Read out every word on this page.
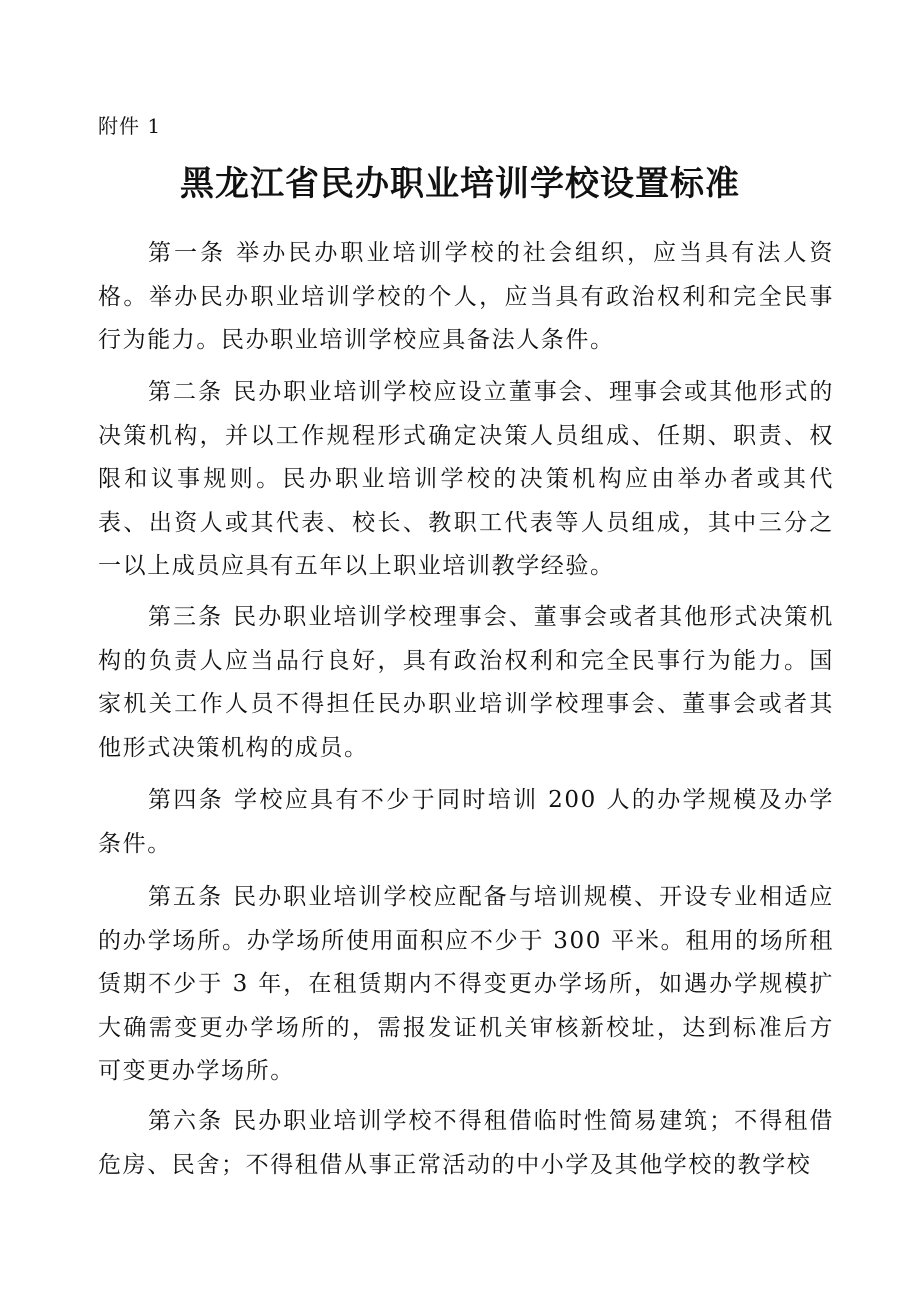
附件 1
黑龙江省民办职业培训学校设置标准

第一条 举办民办职业培训学校的社会组织，应当具有法人资格。举办民办职业培训学校的个人，应当具有政治权利和完全民事行为能力。民办职业培训学校应具备法人条件。

第二条 民办职业培训学校应设立董事会、理事会或其他形式的决策机构，并以工作规程形式确定决策人员组成、任期、职责、权限和议事规则。民办职业培训学校的决策机构应由举办者或其代表、出资人或其代表、校长、教职工代表等人员组成，其中三分之一以上成员应具有五年以上职业培训教学经验。

第三条 民办职业培训学校理事会、董事会或者其他形式决策机构的负责人应当品行良好，具有政治权利和完全民事行为能力。国家机关工作人员不得担任民办职业培训学校理事会、董事会或者其他形式决策机构的成员。

第四条 学校应具有不少于同时培训 200 人的办学规模及办学条件。

第五条 民办职业培训学校应配备与培训规模、开设专业相适应的办学场所。办学场所使用面积应不少于 300 平米。租用的场所租赁期不少于 3 年，在租赁期内不得变更办学场所，如遇办学规模扩大确需变更办学场所的，需报发证机关审核新校址，达到标准后方可变更办学场所。

第六条 民办职业培训学校不得租借临时性简易建筑；不得租借危房、民舍；不得租借从事正常活动的中小学及其他学校的教学校
